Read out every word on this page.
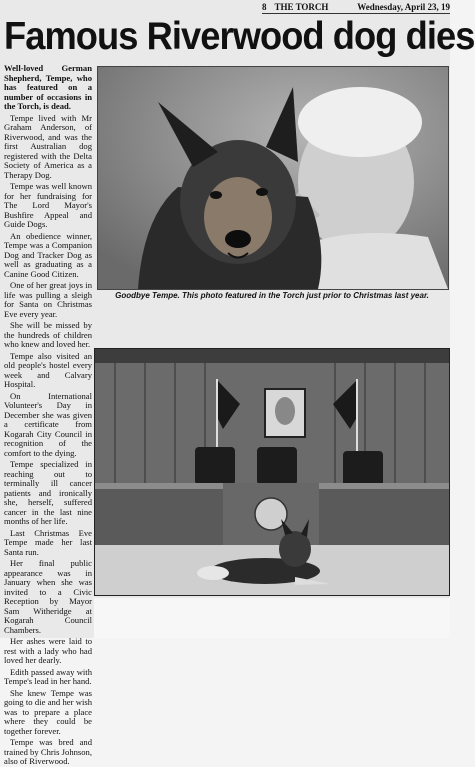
8 THE TORCH	Wednesday, April 23, 19
Famous Riverwood dog dies

Well-loved German Shepherd, Tempe, who has featured on a number of occasions in the Torch, is dead.

Tempe lived with Mr Graham Anderson, of Riverwood, and was the first Australian dog registered with the Delta Society of America as a Therapy Dog.

Tempe was well known for her fundraising for The Lord Mayor's Bushfire Appeal and Guide Dogs.

An obedience winner, Tempe was a Companion Dog and Tracker Dog as well as graduating as a Canine Good Citizen.

One of her great joys in life was pulling a sleigh for Santa on Christmas Eve every year.

She will be missed by the hundreds of children who knew and loved her.

Tempe also visited an old people's hostel every week and Calvary Hospital.

On International Volunteer's Day in December she was given a certificate from Kogarah City Council in recognition of the comfort to the dying.

Tempe specialized in reaching out to terminally ill cancer patients and ironically she, herself, suffered cancer in the last nine months of her life.

Last Christmas Eve Tempe made her last Santa run.

Her final public appearance was in January when she was invited to a Civic Reception by Mayor Sam Witheridge at Kogarah Council Chambers.

Her ashes were laid to rest with a lady who had loved her dearly.

Edith passed away with Tempe's lead in her hand.

She knew Tempe was going to die and her wish was to prepare a place where they could be together forever.

Tempe was bred and trained by Chris Johnson, also of Riverwood.

Goodbye Tempe. This photo featured in the Torch just prior to Christmas last year.
